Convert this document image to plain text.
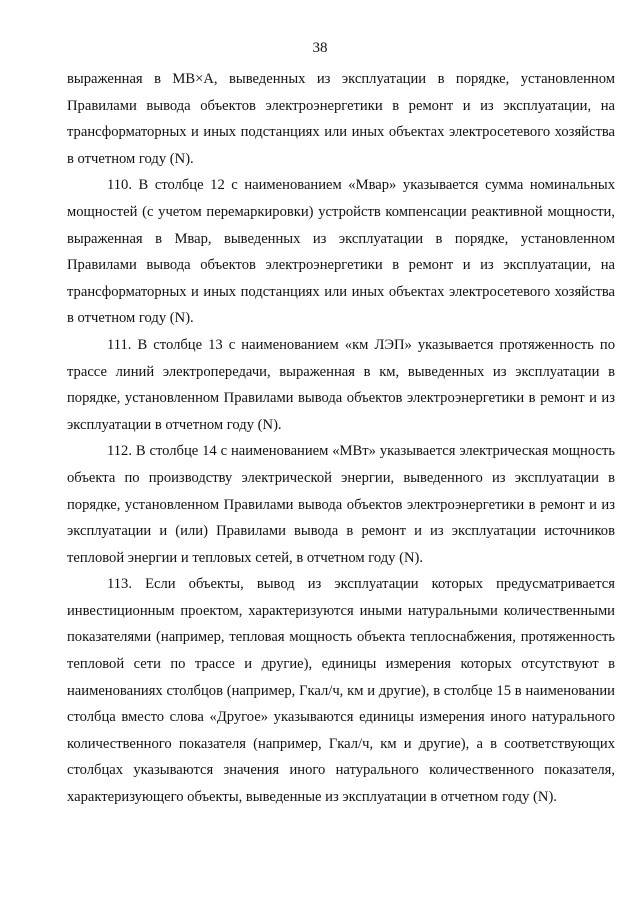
38

выраженная в МВ×А, выведенных из эксплуатации в порядке, установленном Правилами вывода объектов электроэнергетики в ремонт и из эксплуатации, на трансформаторных и иных подстанциях или иных объектах электросетевого хозяйства в отчетном году (N).

110. В столбце 12 с наименованием «Мвар» указывается сумма номинальных мощностей (с учетом перемаркировки) устройств компенсации реактивной мощности, выраженная в Мвар, выведенных из эксплуатации в порядке, установленном Правилами вывода объектов электроэнергетики в ремонт и из эксплуатации, на трансформаторных и иных подстанциях или иных объектах электросетевого хозяйства в отчетном году (N).

111. В столбце 13 с наименованием «км ЛЭП» указывается протяженность по трассе линий электропередачи, выраженная в км, выведенных из эксплуатации в порядке, установленном Правилами вывода объектов электроэнергетики в ремонт и из эксплуатации в отчетном году (N).

112. В столбце 14 с наименованием «МВт» указывается электрическая мощность объекта по производству электрической энергии, выведенного из эксплуатации в порядке, установленном Правилами вывода объектов электроэнергетики в ремонт и из эксплуатации и (или) Правилами вывода в ремонт и из эксплуатации источников тепловой энергии и тепловых сетей, в отчетном году (N).

113. Если объекты, вывод из эксплуатации которых предусматривается инвестиционным проектом, характеризуются иными натуральными количественными показателями (например, тепловая мощность объекта теплоснабжения, протяженность тепловой сети по трассе и другие), единицы измерения которых отсутствуют в наименованиях столбцов (например, Гкал/ч, км и другие), в столбце 15 в наименовании столбца вместо слова «Другое» указываются единицы измерения иного натурального количественного показателя (например, Гкал/ч, км и другие), а в соответствующих столбцах указываются значения иного натурального количественного показателя, характеризующего объекты, выведенные из эксплуатации в отчетном году (N).
